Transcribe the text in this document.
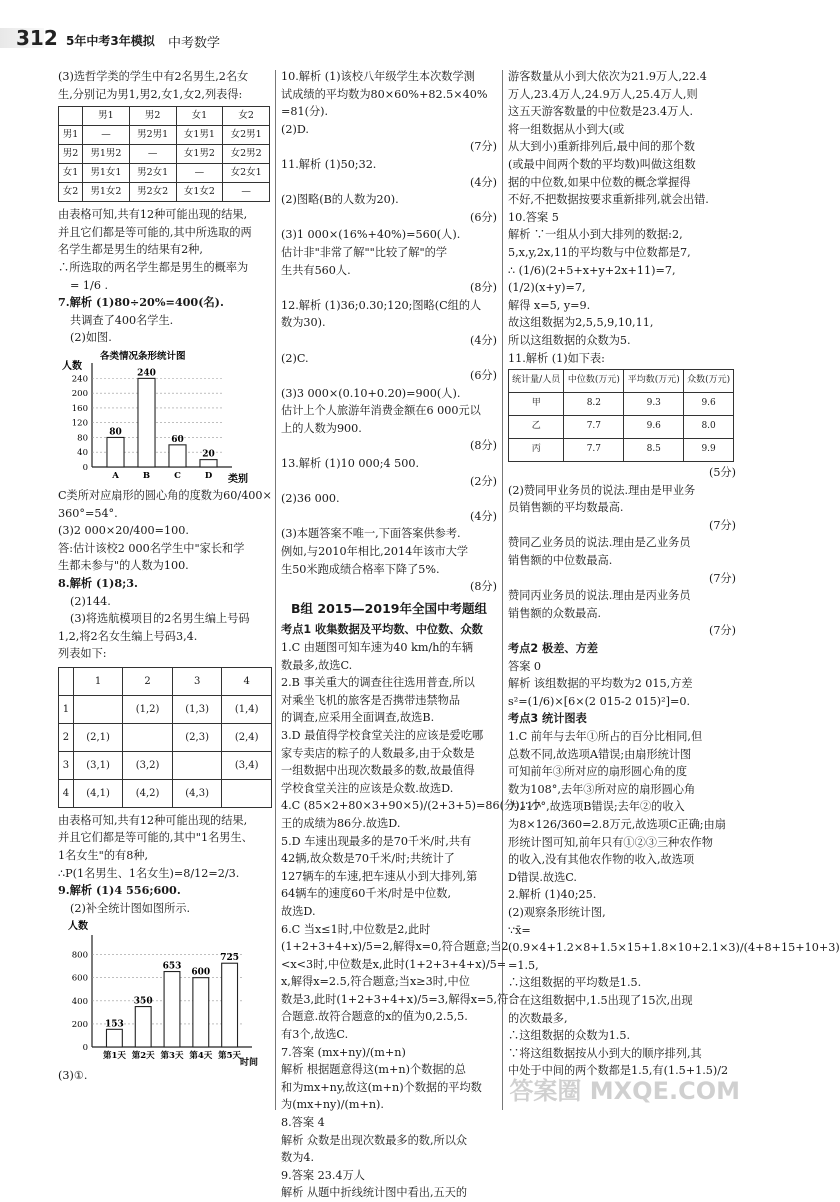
312 5年中考3年模拟 中考数学
(3)选哲学类的学生中有2名男生,2名女
生,分别记为男1,男2,女1,女2,列表得:
	男1	男2	女1	女2
男1	—	男2男1	女1男1	女2男1
男2	男1男2	—	女1男2	女2男2
女1	男1女1	男2女1	—	女2女1
女2	男1女2	男2女2	女1女2	—
由表格可知,共有12种可能出现的结果,
并且它们都是等可能的,其中所选取的两
名学生都是男生的结果有2种,
∴所选取的两名学生都是男生的概率为
= 1/6 .
7.解析 (1)80÷20%=400(名).
共调查了400名学生.
(2)如图.
各类情况条形统计图
人数
类别
0
40
80
120
160
200
240
80
A
240
B
60
C
20
D
C类所对应扇形的圆心角的度数为60/400×
360°=54°.
(3)2 000×20/400=100.
答:估计该校2 000名学生中"家长和学
生都未参与"的人数为100.
8.解析 (1)8;3.
(2)144.
(3)将选航模项目的2名男生编上号码
1,2,将2名女生编上号码3,4.
列表如下:
	1	2	3	4
1		(1,2)	(1,3)	(1,4)
2	(2,1)		(2,3)	(2,4)
3	(3,1)	(3,2)		(3,4)
4	(4,1)	(4,2)	(4,3)	
由表格可知,共有12种可能出现的结果,
并且它们都是等可能的,其中"1名男生、
1名女生"的有8种,
∴P(1名男生、1名女生)=8/12=2/3.
9.解析 (1)4 556;600.
(2)补全统计图如图所示.
人数
时间
0
200
400
600
800
153
第1天
350
第2天
653
第3天
600
第4天
725
第5天
(3)①.
10.解析 (1)该校八年级学生本次数学测
试成绩的平均数为80×60%+82.5×40%
=81(分).
(2)D.
(7分)
11.解析 (1)50;32.
(4分)
(2)图略(B的人数为20).
(6分)
(3)1 000×(16%+40%)=560(人).
估计非"非常了解""比较了解"的学
生共有560人.
(8分)
12.解析 (1)36;0.30;120;图略(C组的人
数为30).
(4分)
(2)C.
(6分)
(3)3 000×(0.10+0.20)=900(人).
估计上个人旅游年消费金额在6 000元以
上的人数为900.
(8分)
13.解析 (1)10 000;4 500.
(2分)
(2)36 000.
(4分)
(3)本题答案不唯一,下面答案供参考.
例如,与2010年相比,2014年该市大学
生50米跑成绩合格率下降了5%.
(8分)
B组 2015—2019年全国中考题组
考点1 收集数据及平均数、中位数、众数
1.C 由题图可知车速为40 km/h的车辆
数最多,故选C.
2.B 事关重大的调查往往选用普查,所以
对乘坐飞机的旅客是否携带违禁物品
的调查,应采用全面调查,故选B.
3.D 最值得学校食堂关注的应该是爱吃哪
家专卖店的粽子的人数最多,由于众数是
一组数据中出现次数最多的数,故最值得
学校食堂关注的应该是众数.故选D.
4.C (85×2+80×3+90×5)/(2+3+5)=86(分),∴小
王的成绩为86分.故选D.
5.D 车速出现最多的是70千米/时,共有
42辆,故众数是70千米/时;共统计了
127辆车的车速,把车速从小到大排列,第
64辆车的速度60千米/时是中位数,
故选D.
6.C 当x≤1时,中位数是2,此时
(1+2+3+4+x)/5=2,解得x=0,符合题意;当2
<x<3时,中位数是x,此时(1+2+3+4+x)/5=
x,解得x=2.5,符合题意;当x≥3时,中位
数是3,此时(1+2+3+4+x)/5=3,解得x=5,符合
合题意.故符合题意的x的值为0,2.5,5.
有3个,故选C.
7.答案 (mx+ny)/(m+n)
解析 根据题意得这(m+n)个数据的总
和为mx+ny,故这(m+n)个数据的平均数
为(mx+ny)/(m+n).
8.答案 4
解析 众数是出现次数最多的数,所以众
数为4.
9.答案 23.4万人
解析 从题中折线统计图中看出,五天的
游客数量从小到大依次为21.9万人,22.4
万人,23.4万人,24.9万人,25.4万人,则
这五天游客数量的中位数是23.4万人.
将一组数据从小到大(或
从大到小)重新排列后,最中间的那个数
(或最中间两个数的平均数)叫做这组数
据的中位数,如果中位数的概念掌握得
不好,不把数据按要求重新排列,就会出错.
10.答案 5
解析 ∵一组从小到大排列的数据:2,
5,x,y,2x,11的平均数与中位数都是7,
∴ (1/6)(2+5+x+y+2x+11)=7,
(1/2)(x+y)=7,
解得 x=5, y=9.
故这组数据为2,5,5,9,10,11,
所以这组数据的众数为5.
11.解析 (1)如下表:
统计量/人员	中位数(万元)	平均数(万元)	众数(万元)
甲	8.2	9.3	9.6
乙	7.7	9.6	8.0
丙	7.7	8.5	9.9
(5分)
(2)赞同甲业务员的说法.理由是甲业务
员销售额的平均数最高.
(7分)
赞同乙业务员的说法.理由是乙业务员
销售额的中位数最高.
(7分)
赞同丙业务员的说法.理由是丙业务员
销售额的众数最高.
(7分)
考点2 极差、方差
答案 0
解析 该组数据的平均数为2 015,方差
s²=(1/6)×[6×(2 015-2 015)²]=0.
考点3 统计图表
1.C 前年与去年①所占的百分比相同,但
总数不同,故选项A错误;由扇形统计图
可知前年③所对应的扇形圆心角的度
数为108°,去年③所对应的扇形圆心角
为117°,故选项B错误;去年②的收入
为8×126/360=2.8万元,故选项C正确;由扇
形统计图可知,前年只有①②③三种农作物
的收入,没有其他农作物的收入,故选项
D错误.故选C.
2.解析 (1)40;25.
(2)观察条形统计图,
∵x̄=
(0.9×4+1.2×8+1.5×15+1.8×10+2.1×3)/(4+8+15+10+3)
=1.5,
∴这组数据的平均数是1.5.
∵在这组数据中,1.5出现了15次,出现
的次数最多,
∴这组数据的众数为1.5.
∵将这组数据按从小到大的顺序排列,其
中处于中间的两个数都是1.5,有(1.5+1.5)/2
答案圈 MXQE.COM
